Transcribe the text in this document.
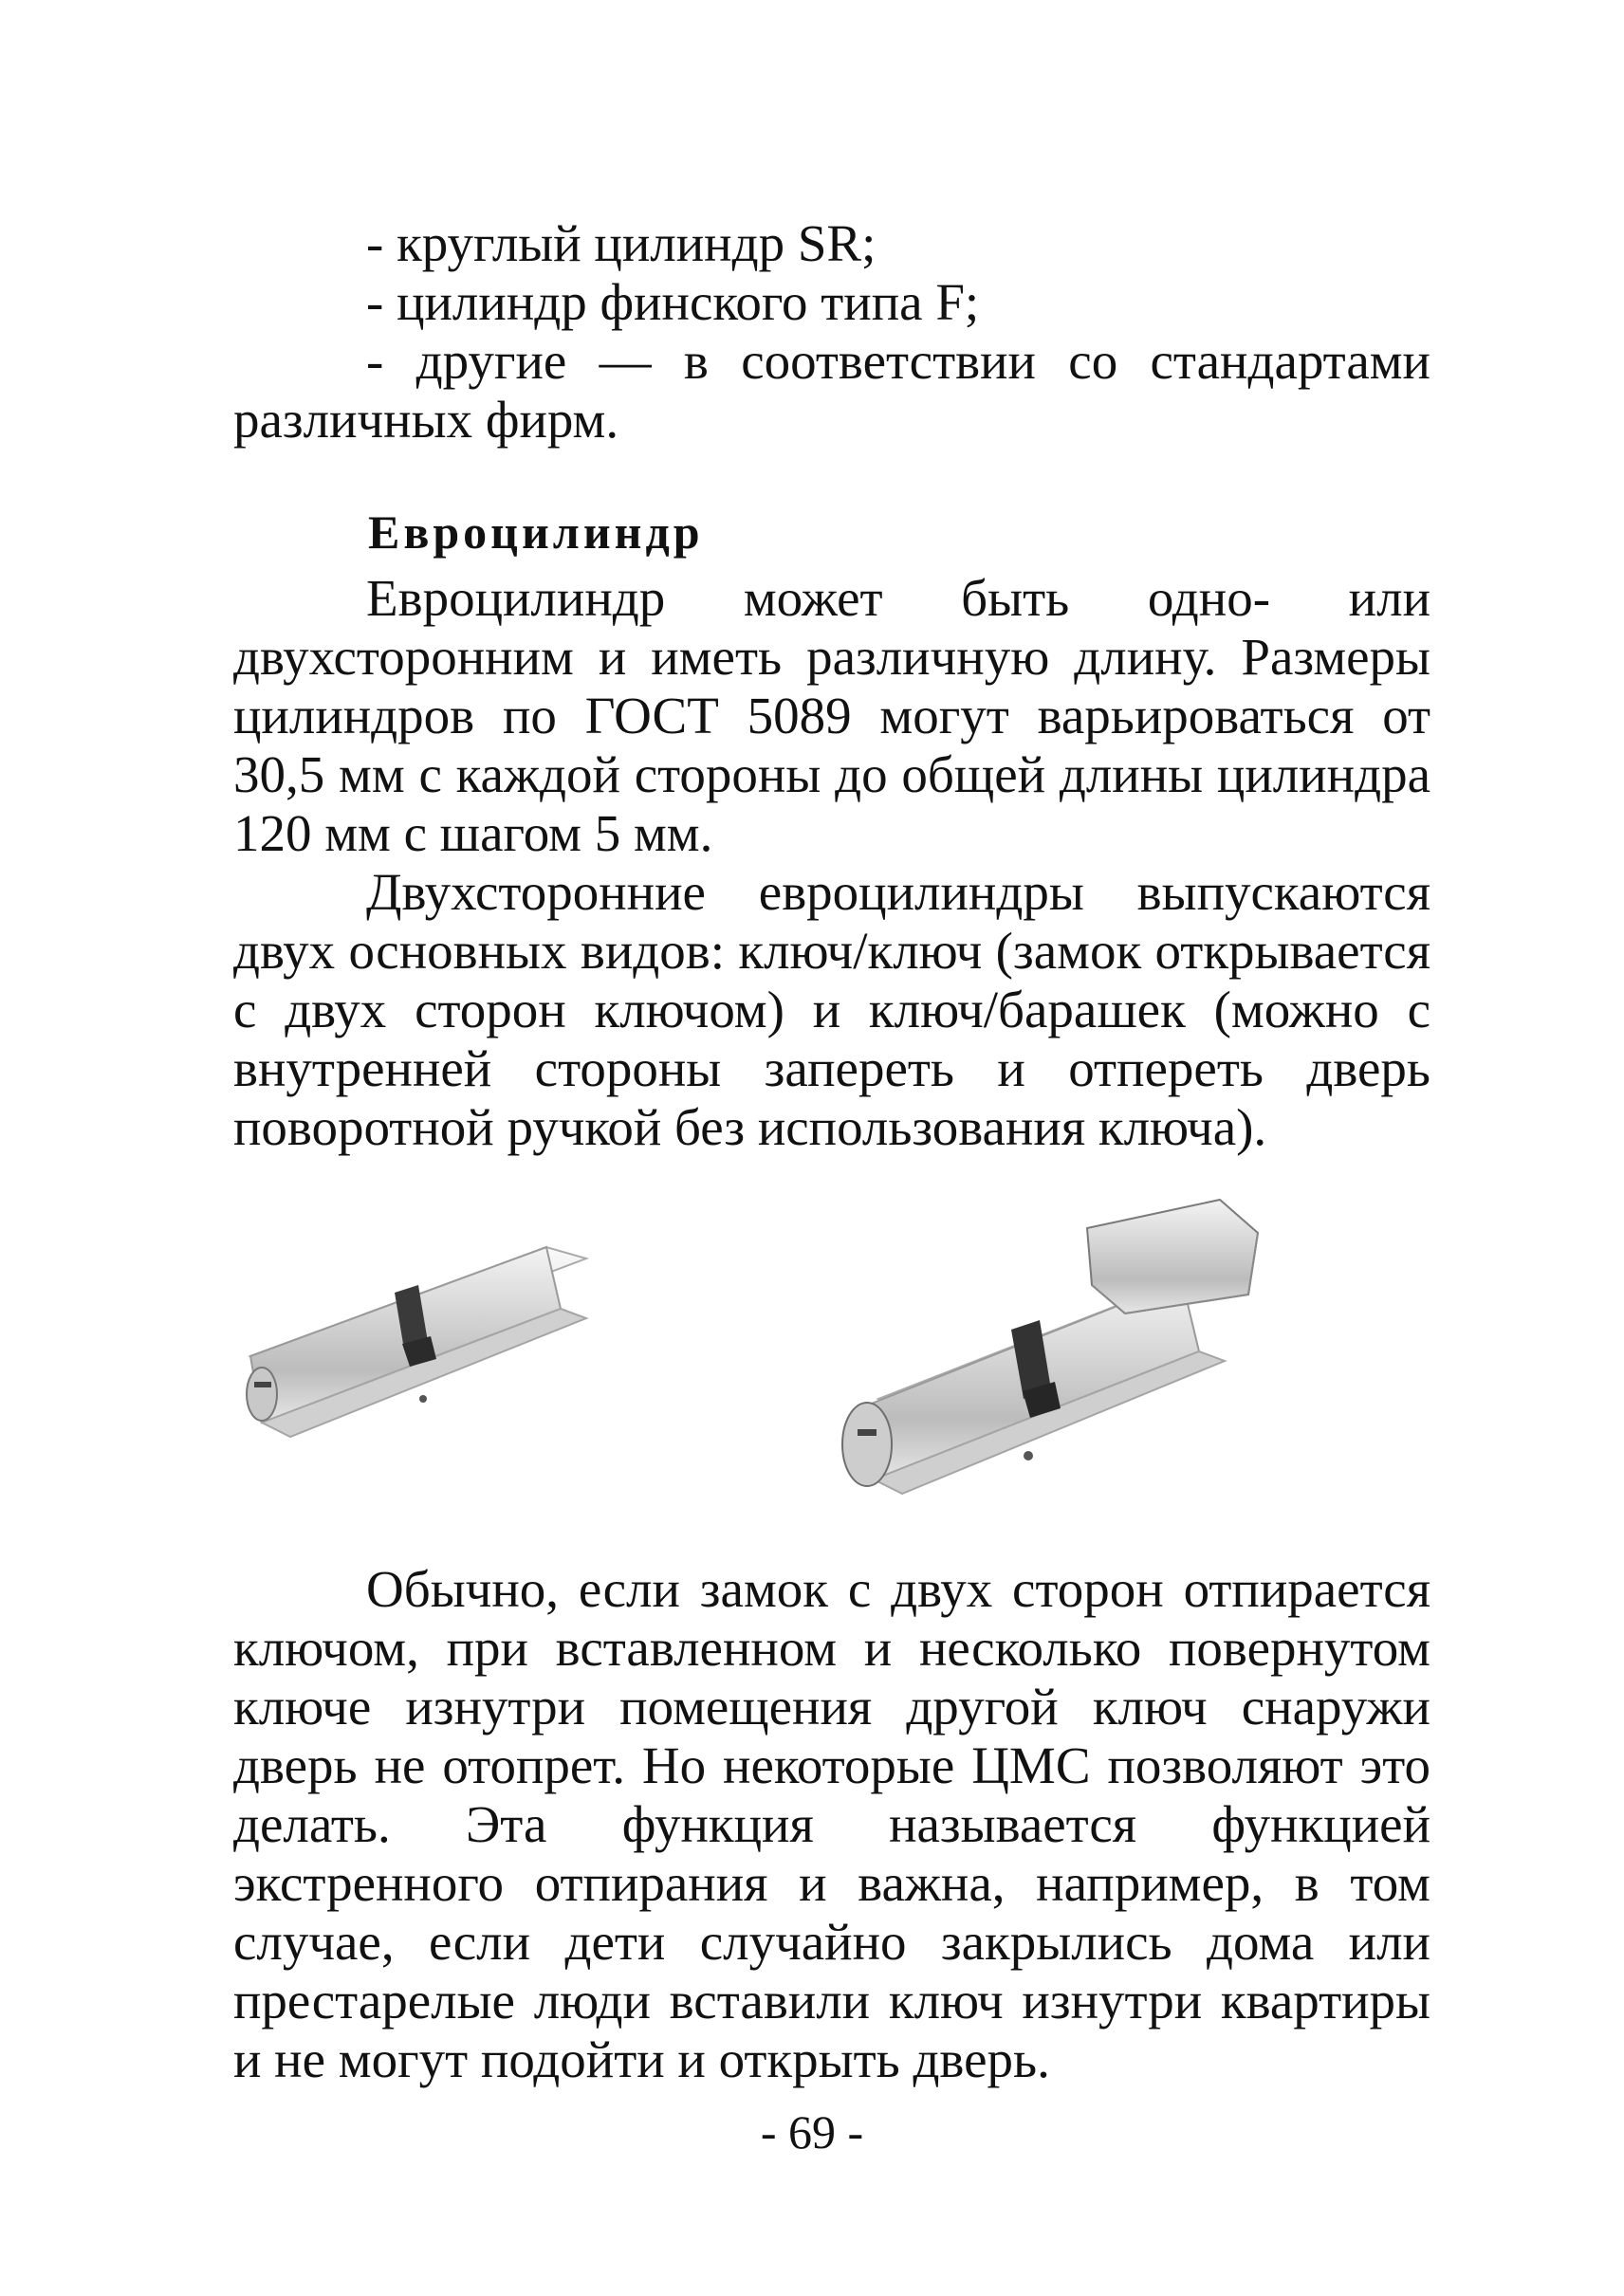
- круглый цилиндр SR;

- цилиндр финского типа F;

- другие — в соответствии со стандартами различных фирм.

Евроцилиндр

Евроцилиндр может быть одно- или двухсторонним и иметь различную длину. Размеры цилиндров по ГОСТ 5089 могут варьироваться от 30,5 мм с каждой стороны до общей длины цилиндра 120 мм с шагом 5 мм.

Двухсторонние евроцилиндры выпускаются двух основных видов: ключ/ключ (замок открывается с двух сторон ключом) и ключ/барашек (можно с внутренней стороны запереть и отпереть дверь поворотной ручкой без использования ключа).

Обычно, если замок с двух сторон отпирается ключом, при вставленном и несколько повернутом ключе изнутри помещения другой ключ снаружи дверь не отопрет. Но некоторые ЦМС позволяют это делать. Эта функция называется функцией экстренного отпирания и важна, например, в том случае, если дети случайно закрылись дома или престарелые люди вставили ключ изнутри квартиры и не могут подойти и открыть дверь.

- 69 -
